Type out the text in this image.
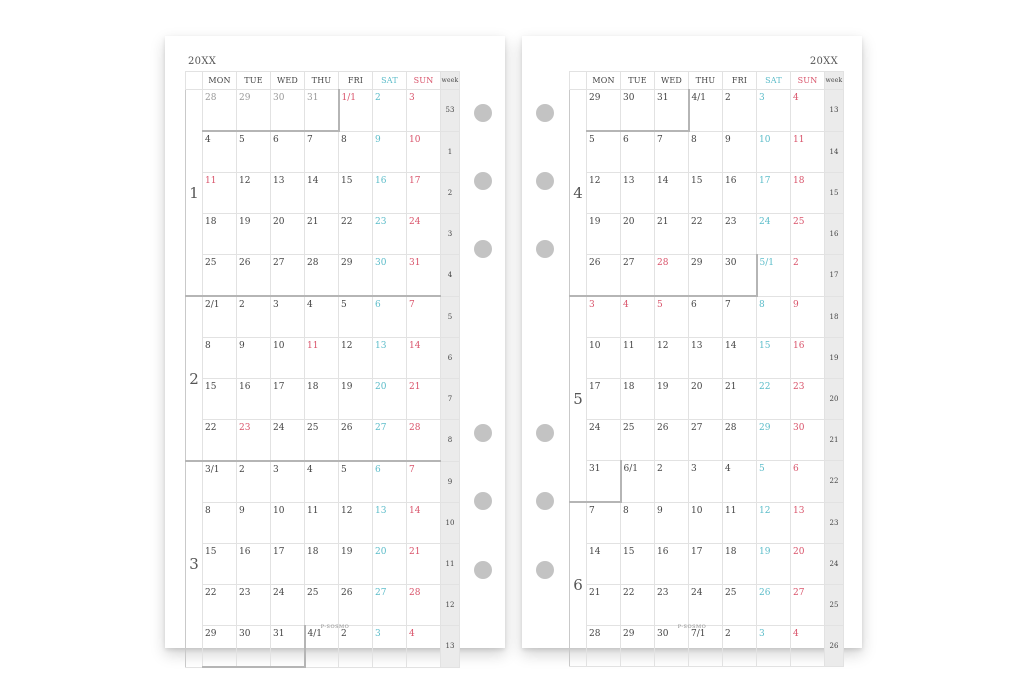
20XX
	MON	TUE	WED	THU	FRI	SAT	SUN	week
1	28	29	30	31	1/1	2	3	53
	4	5	6	7	8	9	10	1
	11	12	13	14	15	16	17	2
	18	19	20	21	22	23	24	3
	25	26	27	28	29	30	31	4
2	2/1	2	3	4	5	6	7	5
	8	9	10	11	12	13	14	6
	15	16	17	18	19	20	21	7
	22	23	24	25	26	27	28	8
3	3/1	2	3	4	5	6	7	9
	8	9	10	11	12	13	14	10
	15	16	17	18	19	20	21	11
	22	23	24	25	26	27	28	12
	29	30	31	4/1	2	3	4	13
P-SOSMO
20XX
	MON	TUE	WED	THU	FRI	SAT	SUN	week
4	29	30	31	4/1	2	3	4	13
	5	6	7	8	9	10	11	14
	12	13	14	15	16	17	18	15
	19	20	21	22	23	24	25	16
	26	27	28	29	30	5/1	2	17
5	3	4	5	6	7	8	9	18
	10	11	12	13	14	15	16	19
	17	18	19	20	21	22	23	20
	24	25	26	27	28	29	30	21
	31	6/1	2	3	4	5	6	22
6	7	8	9	10	11	12	13	23
	14	15	16	17	18	19	20	24
	21	22	23	24	25	26	27	25
	28	29	30	7/1	2	3	4	26
P-SOSMO
